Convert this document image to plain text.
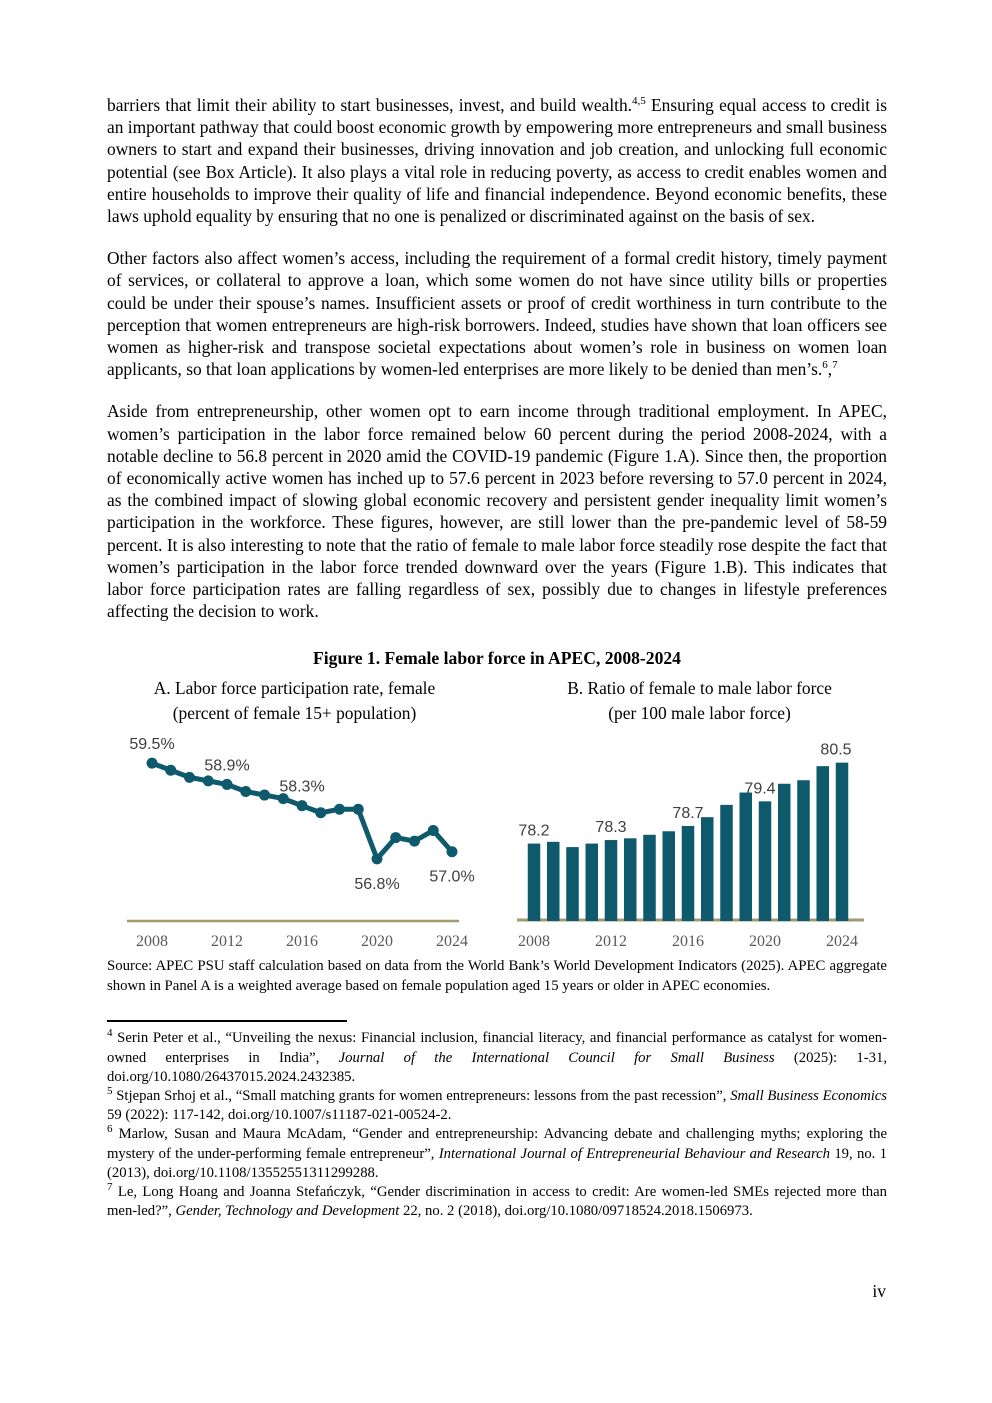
barriers that limit their ability to start businesses, invest, and build wealth.$^{4,5}$ Ensuring equal access to credit is an important pathway that could boost economic growth by empowering more entrepreneurs and small business owners to start and expand their businesses, driving innovation and job creation, and unlocking full economic potential (see Box Article). It also plays a vital role in reducing poverty, as access to credit enables women and entire households to improve their quality of life and financial independence. Beyond economic benefits, these laws uphold equality by ensuring that no one is penalized or discriminated against on the basis of sex.

Other factors also affect women’s access, including the requirement of a formal credit history, timely payment of services, or collateral to approve a loan, which some women do not have since utility bills or properties could be under their spouse’s names. Insufficient assets or proof of credit worthiness in turn contribute to the perception that women entrepreneurs are high-risk borrowers. Indeed, studies have shown that loan officers see women as higher-risk and transpose societal expectations about women’s role in business on women loan applicants, so that loan applications by women-led enterprises are more likely to be denied than men’s.$^6$,$^7$

Aside from entrepreneurship, other women opt to earn income through traditional employment. In APEC, women’s participation in the labor force remained below 60 percent during the period 2008-2024, with a notable decline to 56.8 percent in 2020 amid the COVID-19 pandemic (Figure 1.A). Since then, the proportion of economically active women has inched up to 57.6 percent in 2023 before reversing to 57.0 percent in 2024, as the combined impact of slowing global economic recovery and persistent gender inequality limit women’s participation in the workforce. These figures, however, are still lower than the pre-pandemic level of 58-59 percent. It is also interesting to note that the ratio of female to male labor force steadily rose despite the fact that women’s participation in the labor force trended downward over the years (Figure 1.B). This indicates that labor force participation rates are falling regardless of sex, possibly due to changes in lifestyle preferences affecting the decision to work.

Figure 1. Female labor force in APEC, 2008-2024
A. Labor force participation rate, female
(percent of female 15+ population)
B. Ratio of female to male labor force
(per 100 male labor force)
2008	2012	2016	2020	2024
59.5%
58.9%
58.3%
56.8% 57.0%
78.2	78.3
78.7
79.4
80.5
2008	2012	2016	2020	2024

Source: APEC PSU staff calculation based on data from the World Bank’s World Development Indicators (2025). APEC aggregate shown in Panel A is a weighted average based on female population aged 15 years or older in APEC economies.

$^4$ Serin Peter et al., “Unveiling the nexus: Financial inclusion, financial literacy, and financial performance as catalyst for women-owned enterprises in India”, Journal of the International Council for Small Business (2025): 1-31, doi.org/10.1080/26437015.2024.2432385.
$^5$ Stjepan Srhoj et al., “Small matching grants for women entrepreneurs: lessons from the past recession”, Small Business Economics 59 (2022): 117-142, doi.org/10.1007/s11187-021-00524-2.
$^6$ Marlow, Susan and Maura McAdam, “Gender and entrepreneurship: Advancing debate and challenging myths; exploring the mystery of the under-performing female entrepreneur”, International Journal of Entrepreneurial Behaviour and Research 19, no. 1 (2013), doi.org/10.1108/13552551311299288.
$^7$ Le, Long Hoang and Joanna Stefańczyk, “Gender discrimination in access to credit: Are women-led SMEs rejected more than men-led?”, Gender, Technology and Development 22, no. 2 (2018), doi.org/10.1080/09718524.2018.1506973.
iv
